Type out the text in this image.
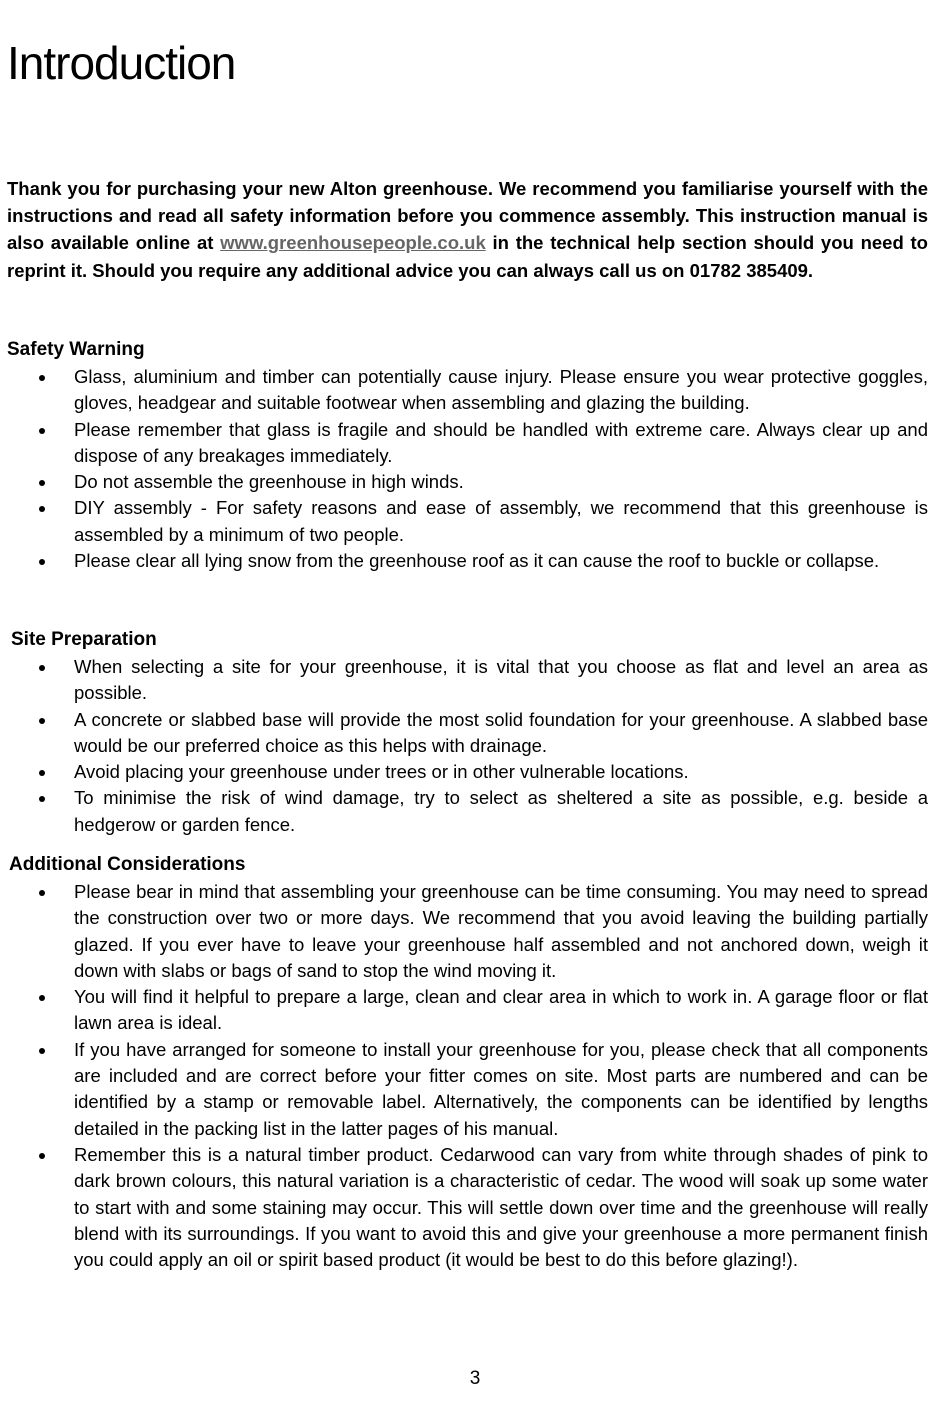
Introduction

Thank you for purchasing your new Alton greenhouse. We recommend you familiarise yourself with the instructions and read all safety information before you commence assembly. This instruction manual is also available online at www.greenhousepeople.co.uk in the technical help section should you need to reprint it. Should you require any additional advice you can always call us on 01782 385409.

Safety Warning
Glass, aluminium and timber can potentially cause injury. Please ensure you wear protective goggles, gloves, headgear and suitable footwear when assembling and glazing the building.
Please remember that glass is fragile and should be handled with extreme care. Always clear up and dispose of any breakages immediately.
Do not assemble the greenhouse in high winds.
DIY assembly - For safety reasons and ease of assembly, we recommend that this greenhouse is assembled by a minimum of two people.
Please clear all lying snow from the greenhouse roof as it can cause the roof to buckle or collapse.
Site Preparation
When selecting a site for your greenhouse, it is vital that you choose as flat and level an area as possible.
A concrete or slabbed base will provide the most solid foundation for your greenhouse. A slabbed base would be our preferred choice as this helps with drainage.
Avoid placing your greenhouse under trees or in other vulnerable locations.
To minimise the risk of wind damage, try to select as sheltered a site as possible, e.g. beside a hedgerow or garden fence.
Additional Considerations
Please bear in mind that assembling your greenhouse can be time consuming. You may need to spread the construction over two or more days. We recommend that you avoid leaving the building partially glazed. If you ever have to leave your greenhouse half assembled and not anchored down, weigh it down with slabs or bags of sand to stop the wind moving it.
You will find it helpful to prepare a large, clean and clear area in which to work in. A garage floor or flat lawn area is ideal.
If you have arranged for someone to install your greenhouse for you, please check that all components are included and are correct before your fitter comes on site. Most parts are numbered and can be identified by a stamp or removable label. Alternatively, the components can be identified by lengths detailed in the packing list in the latter pages of his manual.
Remember this is a natural timber product. Cedarwood can vary from white through shades of pink to dark brown colours, this natural variation is a characteristic of cedar. The wood will soak up some water to start with and some staining may occur. This will settle down over time and the greenhouse will really blend with its surroundings. If you want to avoid this and give your greenhouse a more permanent finish you could apply an oil or spirit based product (it would be best to do this before glazing!).
3
